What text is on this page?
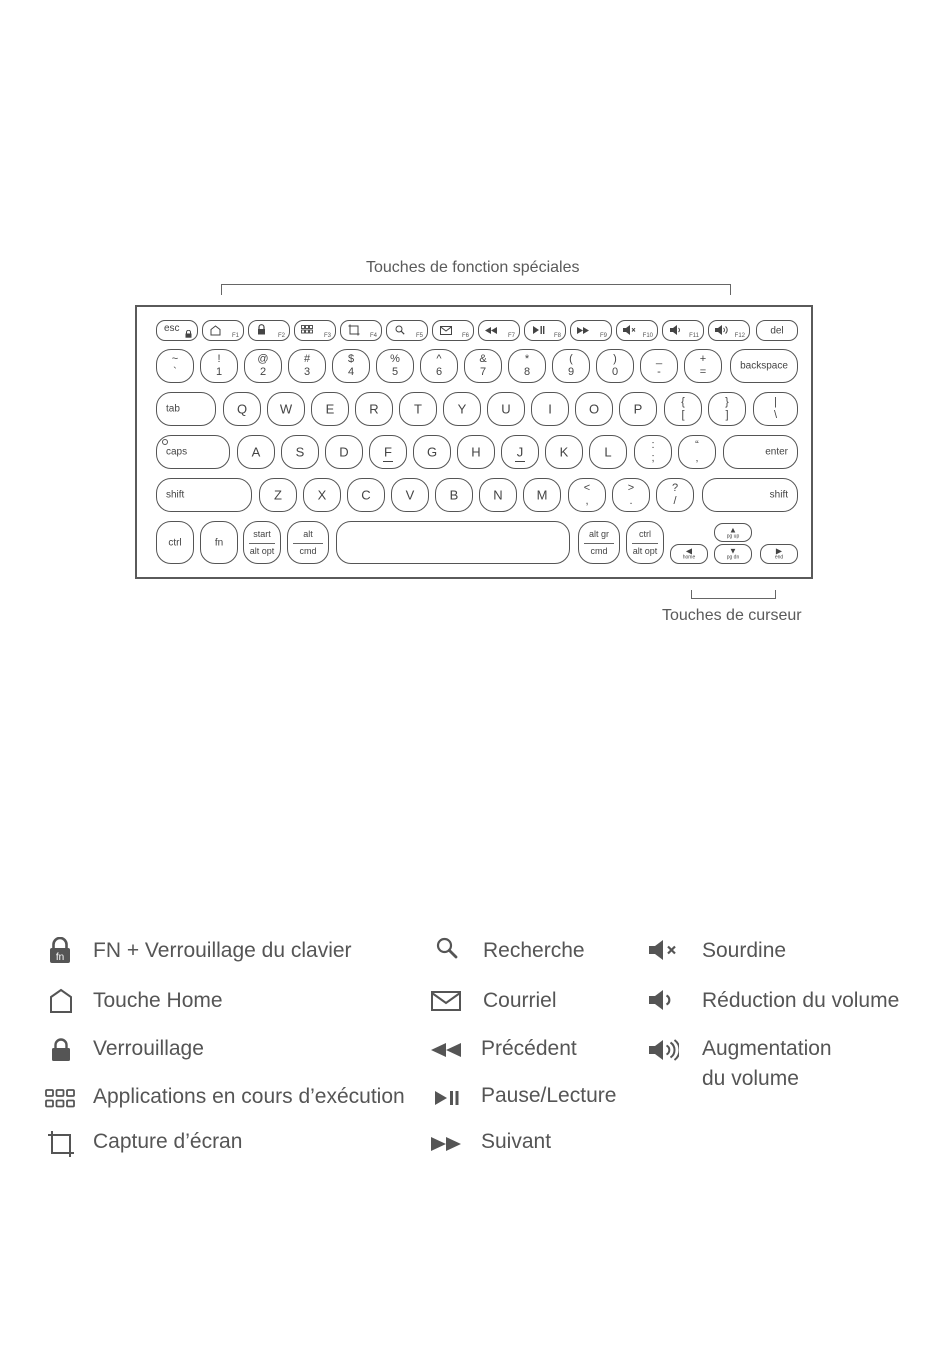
Touches de fonction spéciales
Touches de curseur
esc
F1	F2	F3	F4	F5	F6	F7	F8	F9	F10	F11	F12	del
~
`
!
1
@
2
#
3
$
4
%
5
^
6
&
7
*
8
(
9
)
0
_
-
+
=	backspace
tab	Q	W	E	R	T	Y	U	I	O	P	{
[
}
]
|
\
caps	A	S	D	F	G	H	J	K	L	:
;
“
‚	enter
shift	Z	X	C	V	B	N	M	<
,
>
.
?
/	shift
ctrl	fn
start
alt opt
alt
cmd
alt gr
cmd
ctrl
alt opt
▲
pg up
◀
home
▼
pg dn
▶
end
fn FN + Verrouillage du clavier
Touche Home
Verrouillage
Applications en cours d’exécution
Capture d’écran
Recherche
Courriel
Précédent
Pause/Lecture
Suivant
Sourdine
Réduction du volume
Augmentation
du volume
